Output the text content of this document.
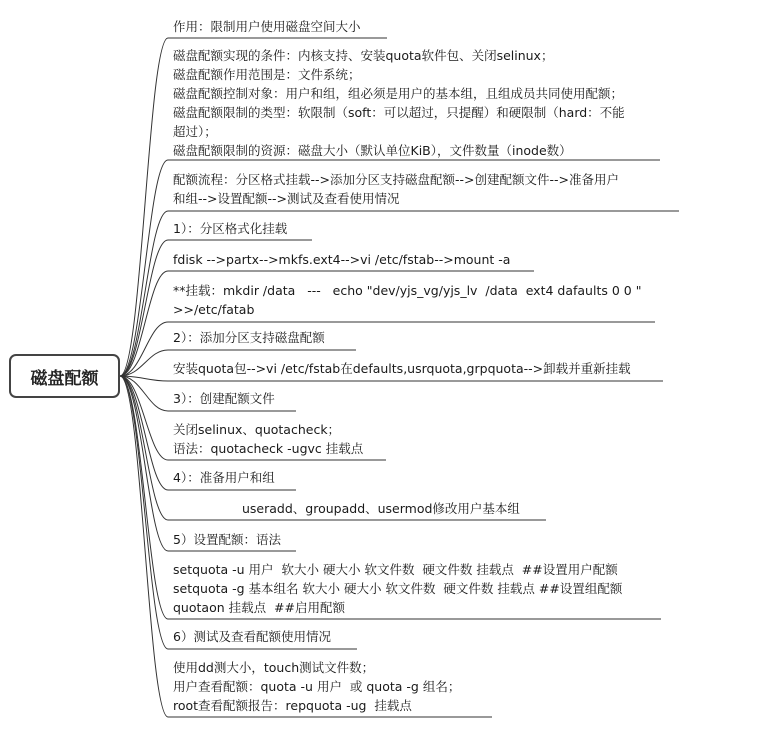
磁盘配额
作用：限制用户使用磁盘空间大小
磁盘配额实现的条件：内核支持、安装quota软件包、关闭selinux；
磁盘配额作用范围是：文件系统；
磁盘配额控制对象：用户和组，组必须是用户的基本组，且组成员共同使用配额；
磁盘配额限制的类型：软限制（soft：可以超过，只提醒）和硬限制（hard：不能
超过）；
磁盘配额限制的资源：磁盘大小（默认单位KiB），文件数量（inode数）
配额流程：分区格式挂载-->添加分区支持磁盘配额-->创建配额文件-->准备用户
和组-->设置配额-->测试及查看使用情况
1）：分区格式化挂载
fdisk -->partx-->mkfs.ext4-->vi /etc/fstab-->mount -a
**挂载：mkdir /data   ---   echo "dev/yjs_vg/yjs_lv  /data  ext4 dafaults 0 0 "
>>/etc/fatab
2）：添加分区支持磁盘配额
安装quota包-->vi /etc/fstab在defaults,usrquota,grpquota-->卸载并重新挂载
3）：创建配额文件
关闭selinux、quotacheck；
语法：quotacheck -ugvc 挂载点
4）：准备用户和组
useradd、groupadd、usermod修改用户基本组
5）设置配额：语法
setquota -u 用户  软大小 硬大小 软文件数  硬文件数 挂载点  ##设置用户配额
setquota -g 基本组名 软大小 硬大小 软文件数  硬文件数 挂载点 ##设置组配额
quotaon 挂载点  ##启用配额
6）测试及查看配额使用情况
使用dd测大小，touch测试文件数；
用户查看配额：quota -u 用户  或 quota -g 组名；
root查看配额报告：repquota -ug  挂载点
